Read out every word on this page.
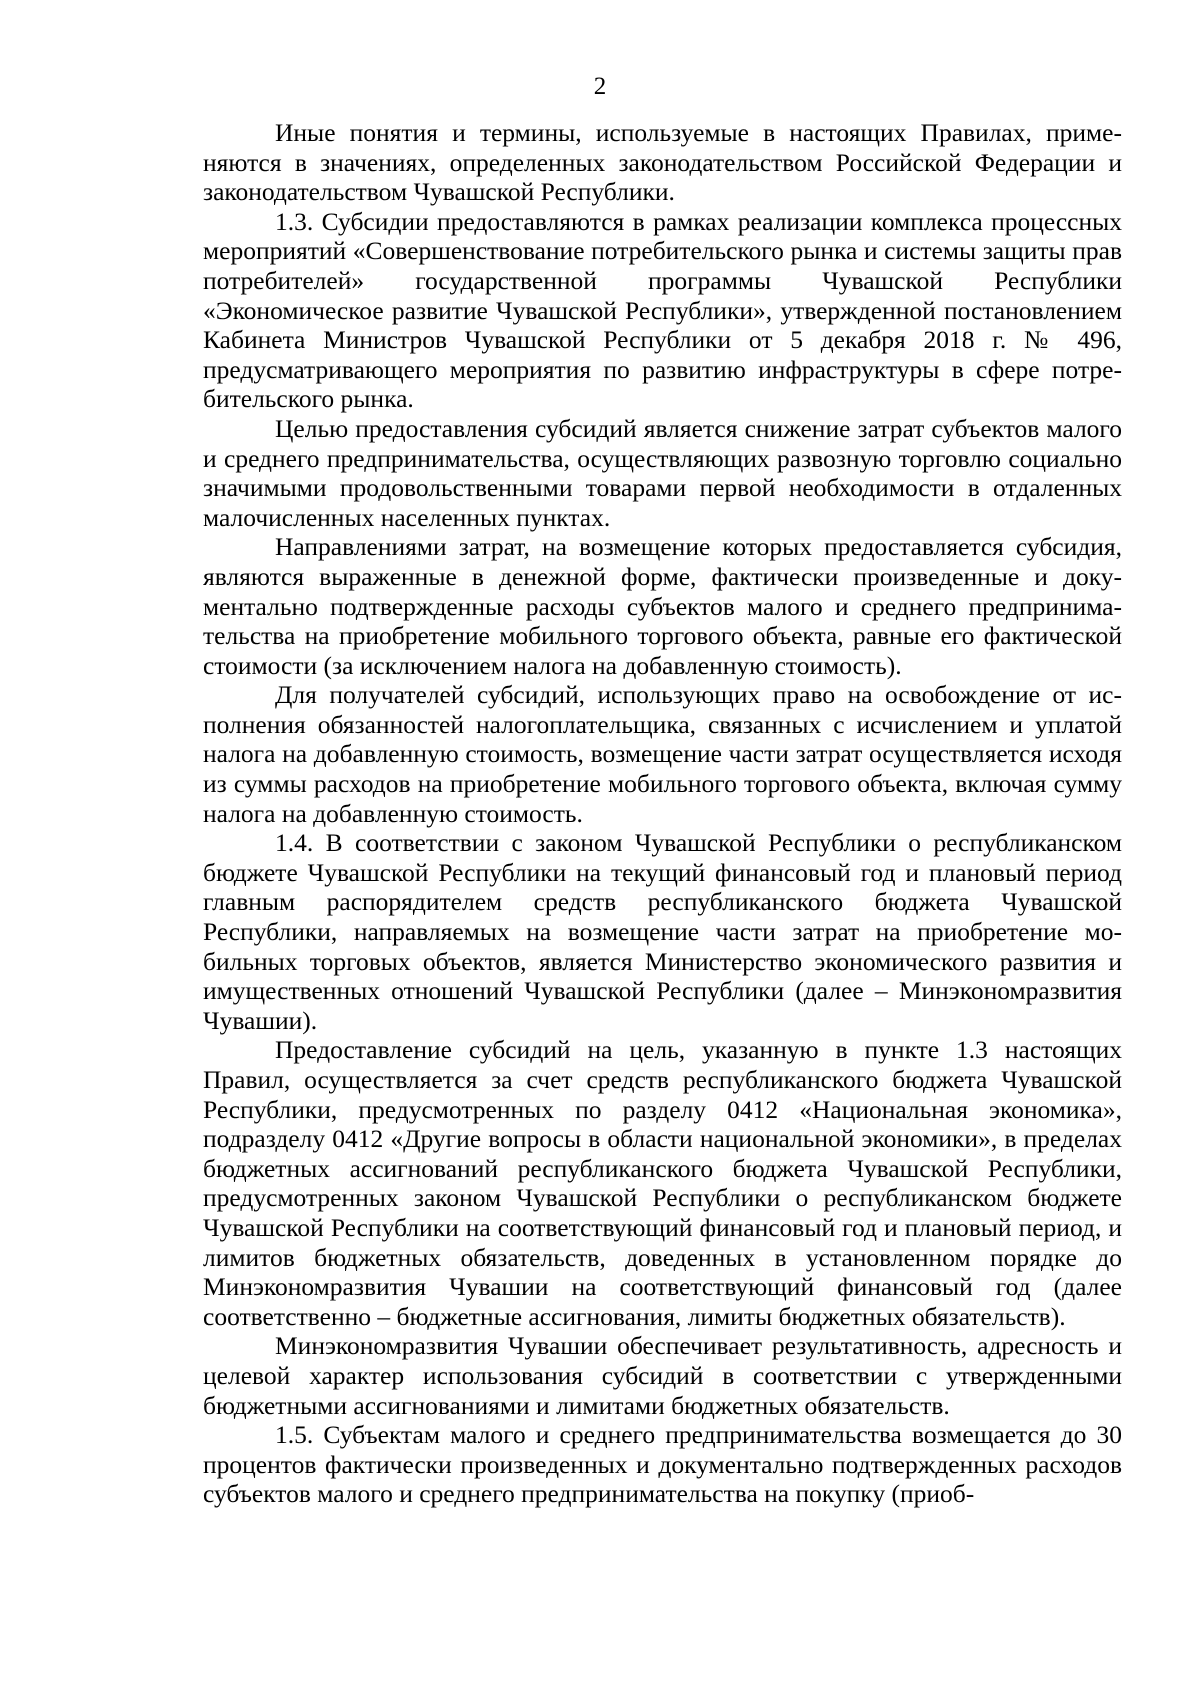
2

Иные понятия и термины, используемые в настоящих Правилах, применяются в значениях, определенных законодательством Российской Федерации и законодательством Чувашской Республики.

1.3. Субсидии предоставляются в рамках реализации комплекса процессных мероприятий «Совершенствование потребительского рынка и системы защиты прав потребителей» государственной программы Чувашской Республики «Экономическое развитие Чувашской Республики», утвержденной постановлением Кабинета Министров Чувашской Республики от 5 декабря 2018 г. № 496, предусматривающего мероприятия по развитию инфраструктуры в сфере потребительского рынка.

Целью предоставления субсидий является снижение затрат субъектов малого и среднего предпринимательства, осуществляющих развозную торговлю социально значимыми продовольственными товарами первой необходимости в отдаленных малочисленных населенных пунктах.

Направлениями затрат, на возмещение которых предоставляется субсидия, являются выраженные в денежной форме, фактически произведенные и документально подтвержденные расходы субъектов малого и среднего предпринимательства на приобретение мобильного торгового объекта, равные его фактической стоимости (за исключением налога на добавленную стоимость).

Для получателей субсидий, использующих право на освобождение от исполнения обязанностей налогоплательщика, связанных с исчислением и уплатой налога на добавленную стоимость, возмещение части затрат осуществляется исходя из суммы расходов на приобретение мобильного торгового объекта, включая сумму налога на добавленную стоимость.

1.4. В соответствии с законом Чувашской Республики о республиканском бюджете Чувашской Республики на текущий финансовый год и плановый период главным распорядителем средств республиканского бюджета Чувашской Республики, направляемых на возмещение части затрат на приобретение мобильных торговых объектов, является Министерство экономического развития и имущественных отношений Чувашской Республики (далее – Минэкономразвития Чувашии).

Предоставление субсидий на цель, указанную в пункте 1.3 настоящих Правил, осуществляется за счет средств республиканского бюджета Чувашской Республики, предусмотренных по разделу 0412 «Национальная экономика», подразделу 0412 «Другие вопросы в области национальной экономики», в пределах бюджетных ассигнований республиканского бюджета Чувашской Республики, предусмотренных законом Чувашской Республики о республиканском бюджете Чувашской Республики на соответствующий финансовый год и плановый период, и лимитов бюджетных обязательств, доведенных в установленном порядке до Минэкономразвития Чувашии на соответствующий финансовый год (далее соответственно – бюджетные ассигнования, лимиты бюджетных обязательств).

Минэкономразвития Чувашии обеспечивает результативность, адресность и целевой характер использования субсидий в соответствии с утвержденными бюджетными ассигнованиями и лимитами бюджетных обязательств.

1.5. Субъектам малого и среднего предпринимательства возмещается до 30 процентов фактически произведенных и документально подтвержденных расходов субъектов малого и среднего предпринимательства на покупку (приоб-
